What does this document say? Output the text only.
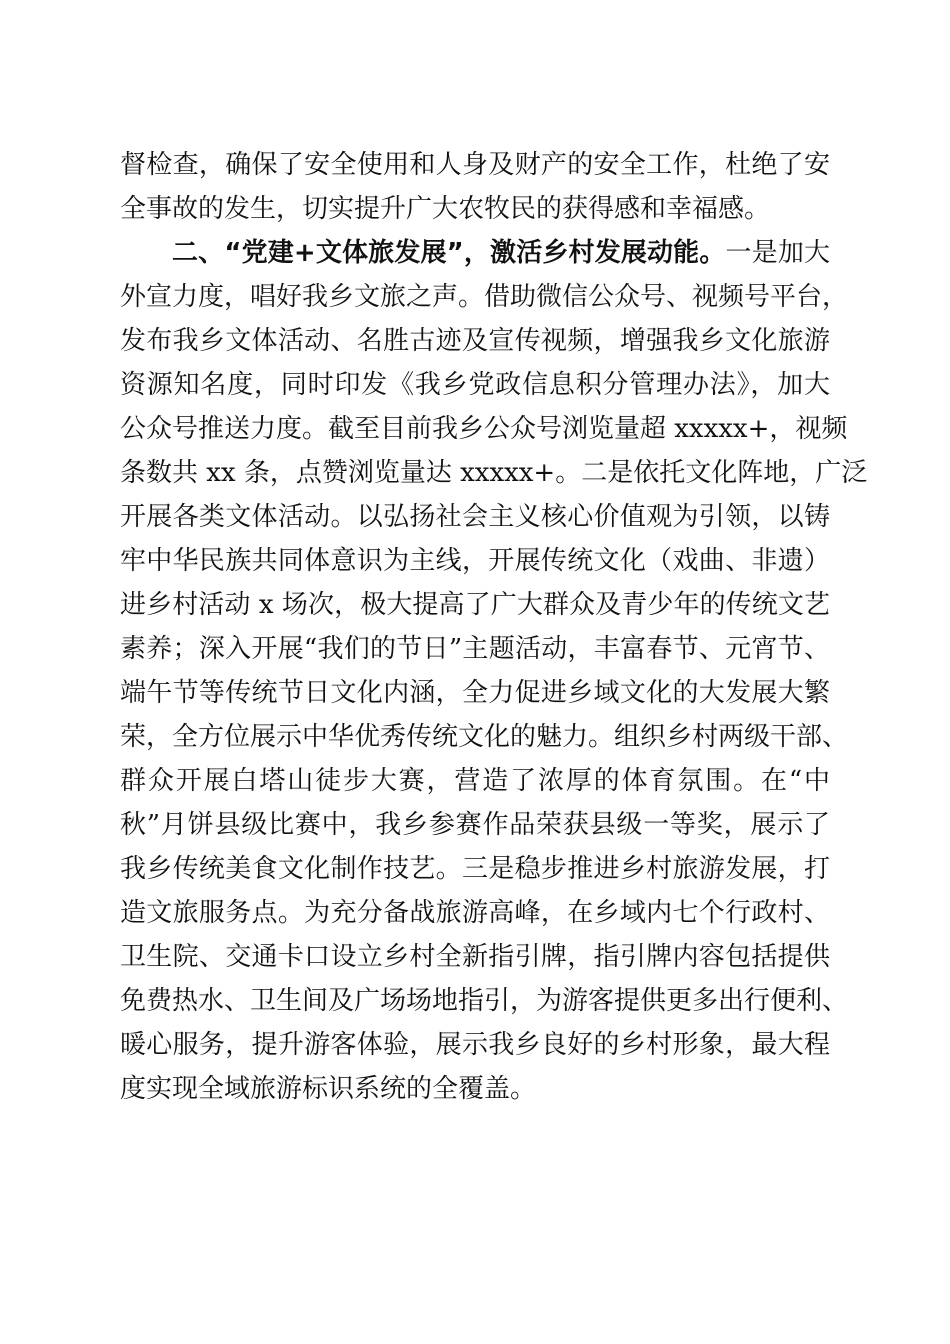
督检查，确保了安全使用和人身及财产的安全工作，杜绝了安
全事故的发生，切实提升广大农牧民的获得感和幸福感。
二、“党建+文体旅发展”，激活乡村发展动能。一是加大
外宣力度，唱好我乡文旅之声。借助微信公众号、视频号平台，
发布我乡文体活动、名胜古迹及宣传视频，增强我乡文化旅游
资源知名度，同时印发《我乡党政信息积分管理办法》，加大
公众号推送力度。截至目前我乡公众号浏览量超 xxxxx+，视频
条数共 xx 条，点赞浏览量达 xxxxx+。二是依托文化阵地，广泛
开展各类文体活动。以弘扬社会主义核心价值观为引领，以铸
牢中华民族共同体意识为主线，开展传统文化（戏曲、非遗）
进乡村活动 x 场次，极大提高了广大群众及青少年的传统文艺
素养；深入开展“我们的节日”主题活动，丰富春节、元宵节、
端午节等传统节日文化内涵，全力促进乡域文化的大发展大繁
荣，全方位展示中华优秀传统文化的魅力。组织乡村两级干部、
群众开展白塔山徒步大赛，营造了浓厚的体育氛围。在“中
秋”月饼县级比赛中，我乡参赛作品荣获县级一等奖，展示了
我乡传统美食文化制作技艺。三是稳步推进乡村旅游发展，打
造文旅服务点。为充分备战旅游高峰，在乡域内七个行政村、
卫生院、交通卡口设立乡村全新指引牌，指引牌内容包括提供
免费热水、卫生间及广场场地指引，为游客提供更多出行便利、
暖心服务，提升游客体验，展示我乡良好的乡村形象，最大程
度实现全域旅游标识系统的全覆盖。
